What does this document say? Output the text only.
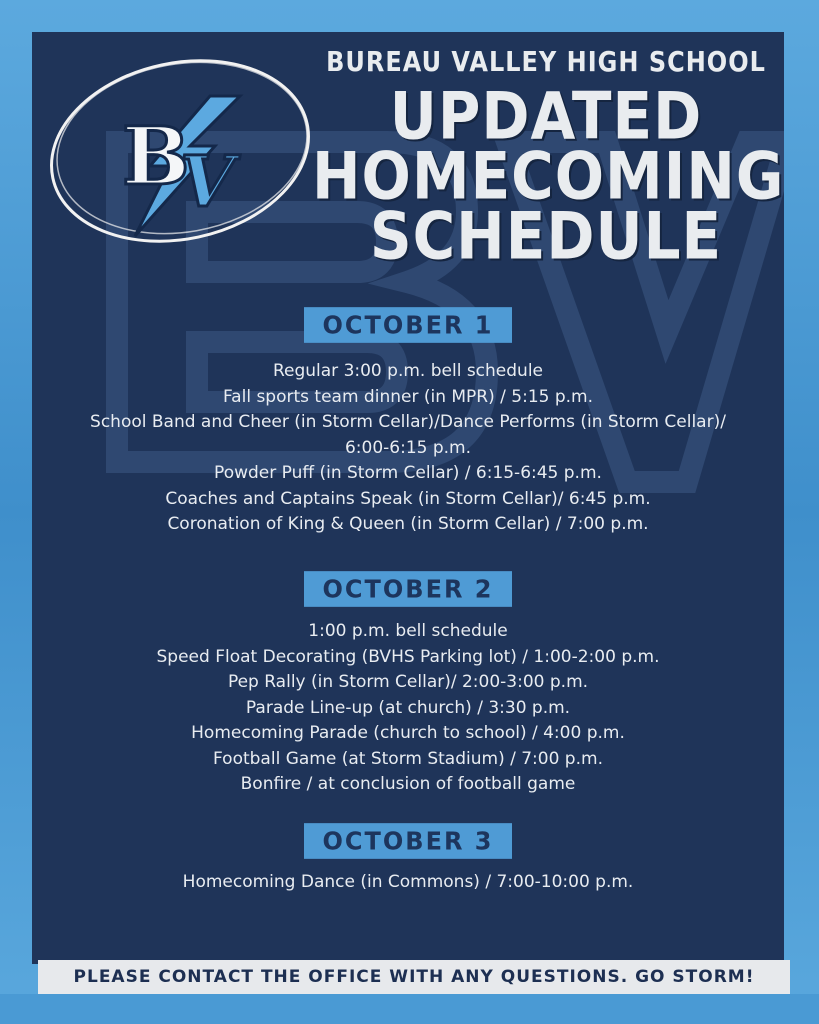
B
V
BUREAU VALLEY HIGH SCHOOL
UPDATED
HOMECOMING
SCHEDULE
OCTOBER 1
Regular 3:00 p.m. bell schedule
Fall sports team dinner (in MPR) / 5:15 p.m.
School Band and Cheer (in Storm Cellar)/Dance Performs (in Storm Cellar)/
6:00-6:15 p.m.
Powder Puff (in Storm Cellar) / 6:15-6:45 p.m.
Coaches and Captains Speak (in Storm Cellar)/ 6:45 p.m.
Coronation of King & Queen (in Storm Cellar) / 7:00 p.m.
OCTOBER 2
1:00 p.m. bell schedule
Speed Float Decorating (BVHS Parking lot) / 1:00-2:00 p.m.
Pep Rally (in Storm Cellar)/ 2:00-3:00 p.m.
Parade Line-up (at church) / 3:30 p.m.
Homecoming Parade (church to school) / 4:00 p.m.
Football Game (at Storm Stadium) / 7:00 p.m.
Bonfire / at conclusion of football game
OCTOBER 3
Homecoming Dance (in Commons) / 7:00-10:00 p.m.
PLEASE CONTACT THE OFFICE WITH ANY QUESTIONS. GO STORM!
